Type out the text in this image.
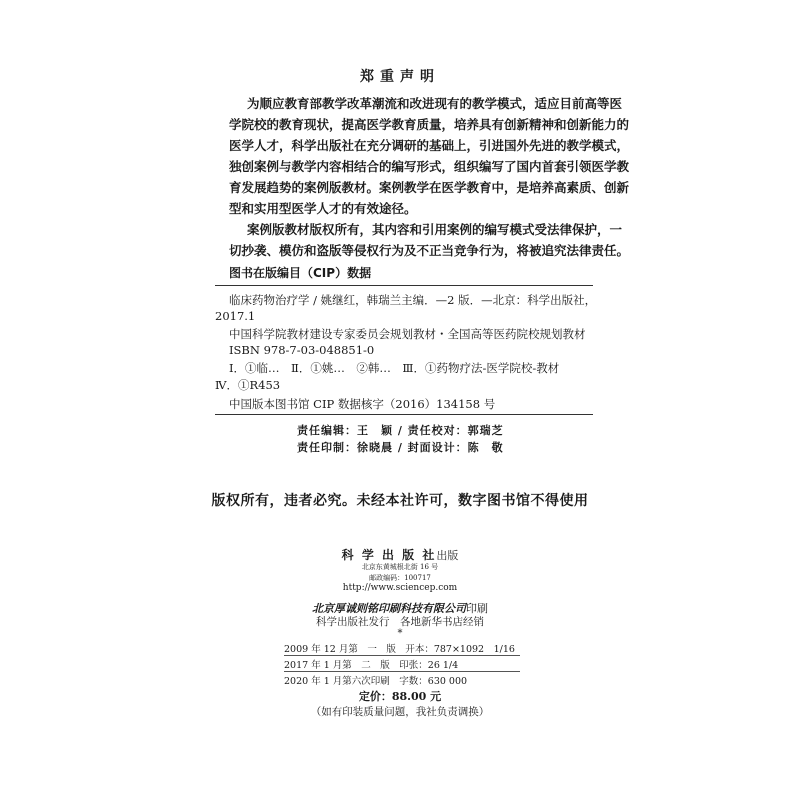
郑重声明
为顺应教育部教学改革潮流和改进现有的教学模式，适应目前高等医
学院校的教育现状，提高医学教育质量，培养具有创新精神和创新能力的
医学人才，科学出版社在充分调研的基础上，引进国外先进的教学模式，
独创案例与教学内容相结合的编写形式，组织编写了国内首套引领医学教
育发展趋势的案例版教材。案例教学在医学教育中，是培养高素质、创新
型和实用型医学人才的有效途径。
案例版教材版权所有，其内容和引用案例的编写模式受法律保护，一
切抄袭、模仿和盗版等侵权行为及不正当竞争行为，将被追究法律责任。
图书在版编目（CIP）数据
临床药物治疗学 / 姚继红，韩瑞兰主编．—2 版．—北京：科学出版社，
2017.1
中国科学院教材建设专家委员会规划教材・全国高等医药院校规划教材
ISBN 978-7-03-048851-0
Ⅰ．①临…　Ⅱ．①姚…　②韩…　Ⅲ．①药物疗法-医学院校-教材
Ⅳ．①R453
中国版本图书馆 CIP 数据核字（2016）134158 号
责任编辑：王　颖 / 责任校对：郭瑞芝
责任印制：徐晓晨 / 封面设计：陈　敬
版权所有，违者必究。未经本社许可，数字图书馆不得使用
科 学 出 版 社出版
北京东黄城根北街 16 号
邮政编码：100717
http://www.sciencep.com
北京厚诚则铭印刷科技有限公司印刷
科学出版社发行　各地新华书店经销
*
2009 年 12 月第　一　版　开本：787×1092　1/16
2017 年 1 月第　二　版　印张：26 1/4
2020 年 1 月第六次印刷　字数：630 000
定价：88.00 元
（如有印装质量问题，我社负责调换）
